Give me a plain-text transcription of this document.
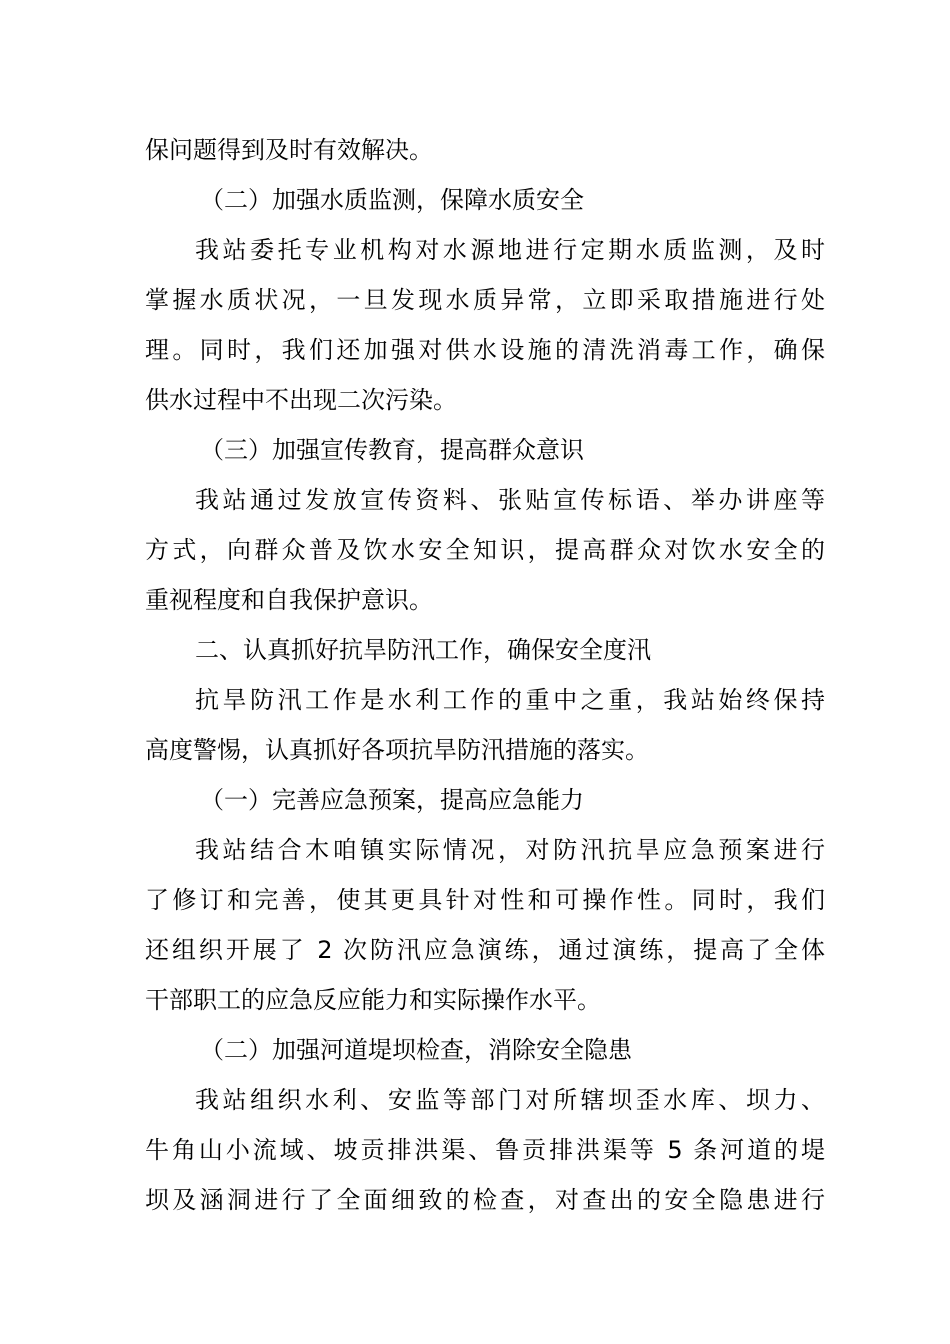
保问题得到及时有效解决。
（二）加强水质监测，保障水质安全
我站委托专业机构对水源地进行定期水质监测，及时
掌握水质状况，一旦发现水质异常，立即采取措施进行处
理。同时，我们还加强对供水设施的清洗消毒工作，确保
供水过程中不出现二次污染。
（三）加强宣传教育，提高群众意识
我站通过发放宣传资料、张贴宣传标语、举办讲座等
方式，向群众普及饮水安全知识，提高群众对饮水安全的
重视程度和自我保护意识。
二、认真抓好抗旱防汛工作，确保安全度汛
抗旱防汛工作是水利工作的重中之重，我站始终保持
高度警惕，认真抓好各项抗旱防汛措施的落实。
（一）完善应急预案，提高应急能力
我站结合木咱镇实际情况，对防汛抗旱应急预案进行
了修订和完善，使其更具针对性和可操作性。同时，我们
还组织开展了 2 次防汛应急演练，通过演练，提高了全体
干部职工的应急反应能力和实际操作水平。
（二）加强河道堤坝检查，消除安全隐患
我站组织水利、安监等部门对所辖坝歪水库、坝力、
牛角山小流域、坡贡排洪渠、鲁贡排洪渠等 5 条河道的堤
坝及涵洞进行了全面细致的检查，对查出的安全隐患进行
